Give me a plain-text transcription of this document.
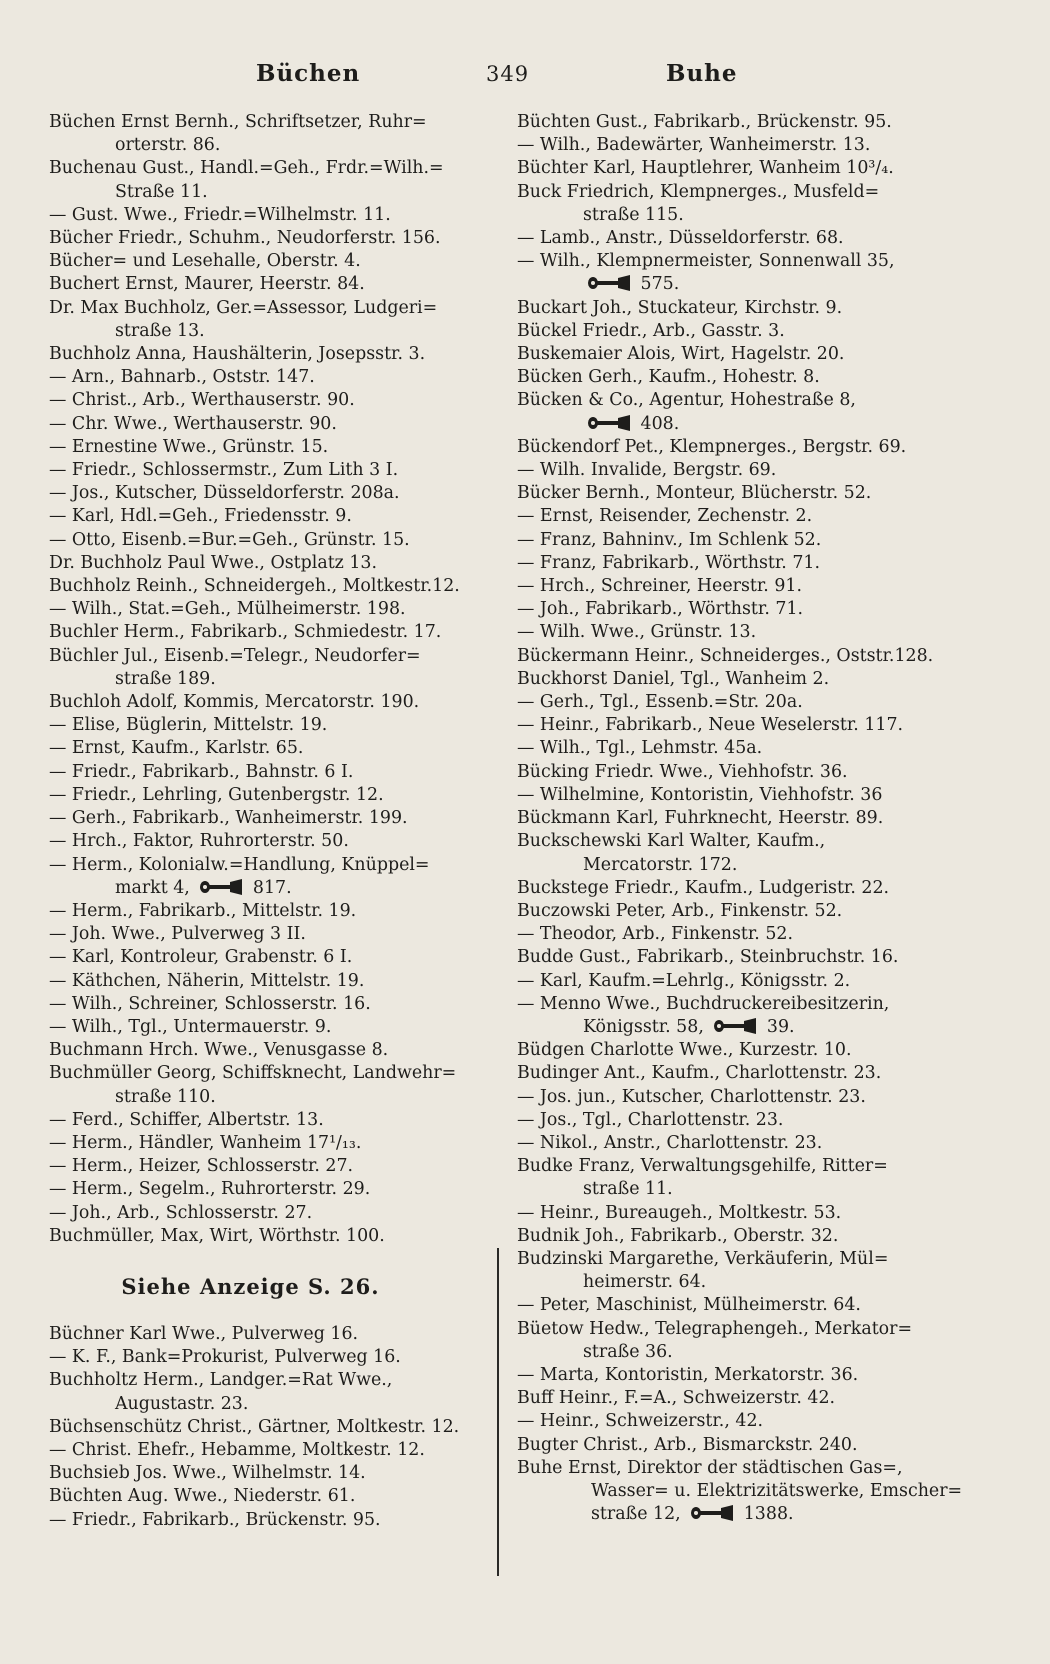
Büchen	349	Buhe
Büchen Ernst Bernh., Schriftsetzer, Ruhr=
orterstr. 86.
Buchenau Gust., Handl.=Geh., Frdr.=Wilh.=
Straße 11.
— Gust. Wwe., Friedr.=Wilhelmstr. 11.
Bücher Friedr., Schuhm., Neudorferstr. 156.
Bücher= und Lesehalle, Oberstr. 4.
Buchert Ernst, Maurer, Heerstr. 84.
Dr. Max Buchholz, Ger.=Assessor, Ludgeri=
straße 13.
Buchholz Anna, Haushälterin, Josepsstr. 3.
— Arn., Bahnarb., Oststr. 147.
— Christ., Arb., Werthauserstr. 90.
— Chr. Wwe., Werthauserstr. 90.
— Ernestine Wwe., Grünstr. 15.
— Friedr., Schlossermstr., Zum Lith 3 I.
— Jos., Kutscher, Düsseldorferstr. 208a.
— Karl, Hdl.=Geh., Friedensstr. 9.
— Otto, Eisenb.=Bur.=Geh., Grünstr. 15.
Dr. Buchholz Paul Wwe., Ostplatz 13.
Buchholz Reinh., Schneidergeh., Moltkestr.12.
— Wilh., Stat.=Geh., Mülheimerstr. 198.
Buchler Herm., Fabrikarb., Schmiedestr. 17.
Büchler Jul., Eisenb.=Telegr., Neudorfer=
straße 189.
Buchloh Adolf, Kommis, Mercatorstr. 190.
— Elise, Büglerin, Mittelstr. 19.
— Ernst, Kaufm., Karlstr. 65.
— Friedr., Fabrikarb., Bahnstr. 6 I.
— Friedr., Lehrling, Gutenbergstr. 12.
— Gerh., Fabrikarb., Wanheimerstr. 199.
— Hrch., Faktor, Ruhrorterstr. 50.
— Herm., Kolonialw.=Handlung, Knüppel=
markt 4,	817.
— Herm., Fabrikarb., Mittelstr. 19.
— Joh. Wwe., Pulverweg 3 II.
— Karl, Kontroleur, Grabenstr. 6 I.
— Käthchen, Näherin, Mittelstr. 19.
— Wilh., Schreiner, Schlosserstr. 16.
— Wilh., Tgl., Untermauerstr. 9.
Buchmann Hrch. Wwe., Venusgasse 8.
Buchmüller Georg, Schiffsknecht, Landwehr=
straße 110.
— Ferd., Schiffer, Albertstr. 13.
— Herm., Händler, Wanheim 17¹/₁₃.
— Herm., Heizer, Schlosserstr. 27.
— Herm., Segelm., Ruhrorterstr. 29.
— Joh., Arb., Schlosserstr. 27.
Buchmüller, Max, Wirt, Wörthstr. 100.
Siehe Anzeige S. 26.
Büchner Karl Wwe., Pulverweg 16.
— K. F., Bank=Prokurist, Pulverweg 16.
Buchholtz Herm., Landger.=Rat Wwe.,
Augustastr. 23.
Büchsenschütz Christ., Gärtner, Moltkestr. 12.
— Christ. Ehefr., Hebamme, Moltkestr. 12.
Buchsieb Jos. Wwe., Wilhelmstr. 14.
Büchten Aug. Wwe., Niederstr. 61.
— Friedr., Fabrikarb., Brückenstr. 95.
Büchten Gust., Fabrikarb., Brückenstr. 95.
— Wilh., Badewärter, Wanheimerstr. 13.
Büchter Karl, Hauptlehrer, Wanheim 10³/₄.
Buck Friedrich, Klempnerges., Musfeld=
straße 115.
— Lamb., Anstr., Düsseldorferstr. 68.
— Wilh., Klempnermeister, Sonnenwall 35,
575.
Buckart Joh., Stuckateur, Kirchstr. 9.
Bückel Friedr., Arb., Gasstr. 3.
Buskemaier Alois, Wirt, Hagelstr. 20.
Bücken Gerh., Kaufm., Hohestr. 8.
Bücken & Co., Agentur, Hohestraße 8,
408.
Bückendorf Pet., Klempnerges., Bergstr. 69.
— Wilh. Invalide, Bergstr. 69.
Bücker Bernh., Monteur, Blücherstr. 52.
— Ernst, Reisender, Zechenstr. 2.
— Franz, Bahninv., Im Schlenk 52.
— Franz, Fabrikarb., Wörthstr. 71.
— Hrch., Schreiner, Heerstr. 91.
— Joh., Fabrikarb., Wörthstr. 71.
— Wilh. Wwe., Grünstr. 13.
Bückermann Heinr., Schneiderges., Oststr.128.
Buckhorst Daniel, Tgl., Wanheim 2.
— Gerh., Tgl., Essenb.=Str. 20a.
— Heinr., Fabrikarb., Neue Weselerstr. 117.
— Wilh., Tgl., Lehmstr. 45a.
Bücking Friedr. Wwe., Viehhofstr. 36.
— Wilhelmine, Kontoristin, Viehhofstr. 36
Bückmann Karl, Fuhrknecht, Heerstr. 89.
Buckschewski Karl Walter, Kaufm.,
Mercatorstr. 172.
Buckstege Friedr., Kaufm., Ludgeristr. 22.
Buczowski Peter, Arb., Finkenstr. 52.
— Theodor, Arb., Finkenstr. 52.
Budde Gust., Fabrikarb., Steinbruchstr. 16.
— Karl, Kaufm.=Lehrlg., Königsstr. 2.
— Menno Wwe., Buchdruckereibesitzerin,
Königsstr. 58,	39.
Büdgen Charlotte Wwe., Kurzestr. 10.
Budinger Ant., Kaufm., Charlottenstr. 23.
— Jos. jun., Kutscher, Charlottenstr. 23.
— Jos., Tgl., Charlottenstr. 23.
— Nikol., Anstr., Charlottenstr. 23.
Budke Franz, Verwaltungsgehilfe, Ritter=
straße 11.
— Heinr., Bureaugeh., Moltkestr. 53.
Budnik Joh., Fabrikarb., Oberstr. 32.
Budzinski Margarethe, Verkäuferin, Mül=
heimerstr. 64.
— Peter, Maschinist, Mülheimerstr. 64.
Büetow Hedw., Telegraphengeh., Merkator=
straße 36.
— Marta, Kontoristin, Merkatorstr. 36.
Buff Heinr., F.=A., Schweizerstr. 42.
— Heinr., Schweizerstr., 42.
Bugter Christ., Arb., Bismarckstr. 240.
Buhe Ernst, Direktor der städtischen Gas=,
Wasser= u. Elektrizitätswerke, Emscher=
straße 12,	1388.
